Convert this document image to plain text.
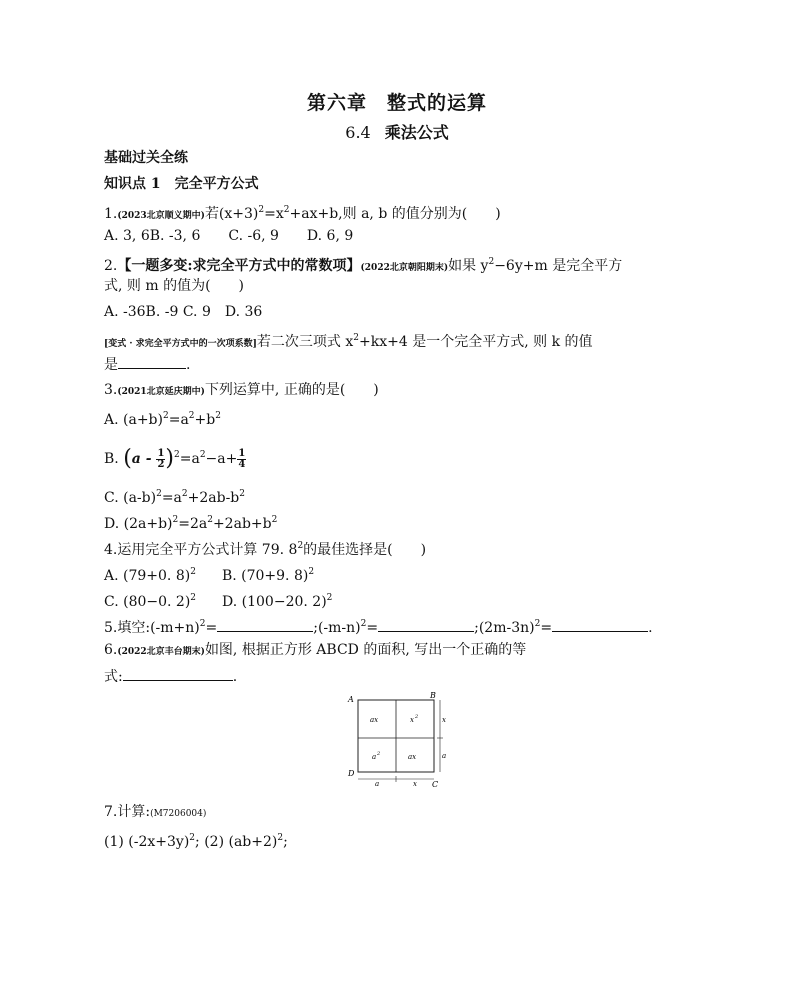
第六章　整式的运算
6.4 乘法公式
基础过关全练
知识点 1　完全平方公式
1.(2023北京顺义期中)若$(x+3)^2=x^2+ax+b$,则 a, b 的值分别为(　　)
A. 3, 6B. -3, 6　　C. -6, 9　　D. 6, 9
2.【一题多变:求完全平方式中的常数项】(2022北京朝阳期末)如果 $y^2-6y+m$ 是完全平方
式, 则 m 的值为(　　)
A. -36B. -9 C. 9　D. 36
[变式 · 求完全平方式中的一次项系数]若二次三项式 $x^2+kx+4$ 是一个完全平方式, 则 k 的值
是	.
3.(2021北京延庆期中)下列运算中, 正确的是(　　)
A. $(a+b)^2=a^2+b^2$
B. $(a - \frac{1}{2} )^2=a^2-a+ \frac{1}{4}$
C. $(a-b)^2=a^2+2ab-b^2$
D. $(2a+b)^2=2a^2+2ab+b^2$
4.运用完全平方公式计算 79. $8^2$的最佳选择是(　　)
A. (79+0. 8)$^2$ B. (70+9. 8)$^2$
C. (80−0. 2)$^2$ D. (100−20. 2)$^2$
5.填空$:(-m+n)^2=$	$;(-m-n)^2=$	$;(2m-3n)^2=$	.
6.(2022北京丰台期末)如图, 根据正方形 ABCD 的面积, 写出一个正确的等
式:	.
A	B
D
C
ax	x 2
a 2	ax
x
a
a	x
7.计算:(M7206004)
(1) $(-2x+3y)^2$; (2) $(ab+2)^2$;
